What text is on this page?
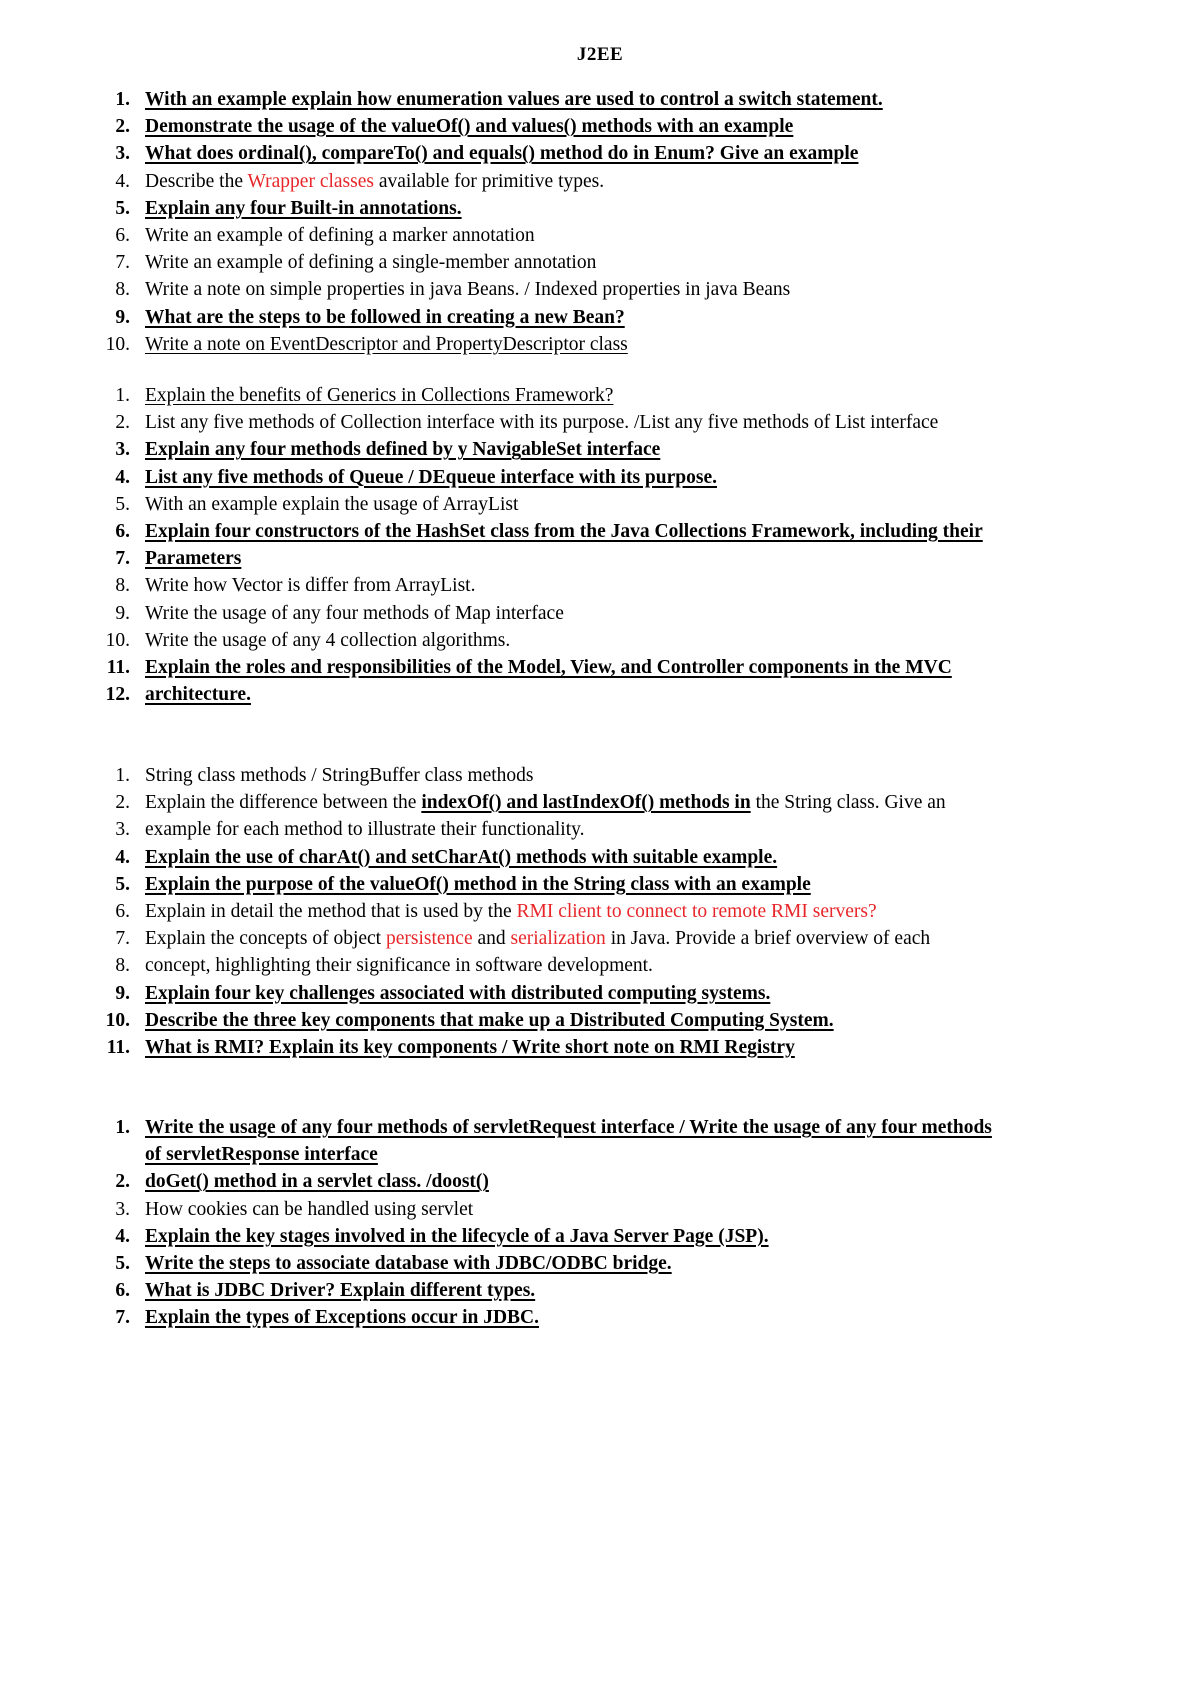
J2EE
1. With an example explain how enumeration values are used to control a switch statement.
2. Demonstrate the usage of the valueOf() and values() methods with an example
3. What does ordinal(), compareTo() and equals() method do in Enum? Give an example
4. Describe the Wrapper classes available for primitive types.
5. Explain any four Built-in annotations.
6. Write an example of defining a marker annotation
7. Write an example of defining a single-member annotation
8. Write a note on simple properties in java Beans. / Indexed properties in java Beans
9. What are the steps to be followed in creating a new Bean?
10. Write a note on EventDescriptor and PropertyDescriptor class
1. Explain the benefits of Generics in Collections Framework?
2. List any five methods of Collection interface with its purpose. /List any five methods of List interface
3. Explain any four methods defined by y NavigableSet interface
4. List any five methods of Queue / DEqueue interface with its purpose.
5. With an example explain the usage of ArrayList
6. Explain four constructors of the HashSet class from the Java Collections Framework, including their
7. Parameters
8. Write how Vector is differ from ArrayList.
9. Write the usage of any four methods of Map interface
10. Write the usage of any 4 collection algorithms.
11. Explain the roles and responsibilities of the Model, View, and Controller components in the MVC
12. architecture.
1. String class methods / StringBuffer class methods
2. Explain the difference between the indexOf() and lastIndexOf() methods in the String class. Give an
3. example for each method to illustrate their functionality.
4. Explain the use of charAt() and setCharAt() methods with suitable example.
5. Explain the purpose of the valueOf() method in the String class with an example
6. Explain in detail the method that is used by the RMI client to connect to remote RMI servers?
7. Explain the concepts of object persistence and serialization in Java. Provide a brief overview of each
8. concept, highlighting their significance in software development.
9. Explain four key challenges associated with distributed computing systems.
10. Describe the three key components that make up a Distributed Computing System.
11. What is RMI? Explain its key components / Write short note on RMI Registry
1. Write the usage of any four methods of servletRequest interface / Write the usage of any four methods
of servletResponse interface
2. doGet() method in a servlet class. /doost()
3. How cookies can be handled using servlet
4. Explain the key stages involved in the lifecycle of a Java Server Page (JSP).
5. Write the steps to associate database with JDBC/ODBC bridge.
6. What is JDBC Driver? Explain different types.
7. Explain the types of Exceptions occur in JDBC.
